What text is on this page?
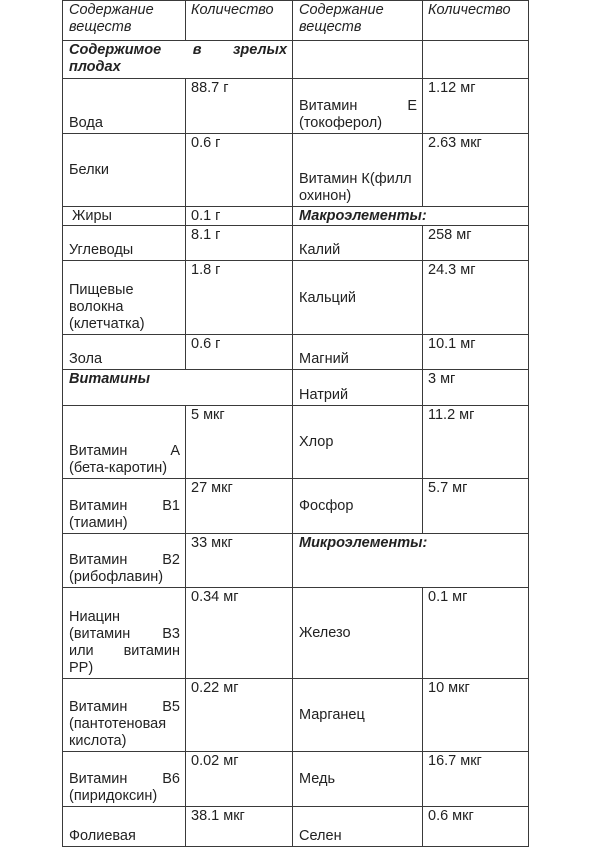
Содержание веществ	Количество	Содержание веществ	Количество
Содержимое в зрелых плодах			
Вода	88.7 г	Витамин Е (токоферол)	1.12 мг
Белки	0.6 г	Витамин К(филлохинон)	2.63 мкг
Жиры	0.1 г	Макроэлементы:	
Углеводы	8.1 г	Калий	258 мг
Пищевые волокна (клетчатка)	1.8 г	Кальций	24.3 мг
Зола	0.6 г	Магний	10.1 мг
Витамины		Натрий	3 мг
Витамин А (бета-каротин)	5 мкг	Хлор	11.2 мг
Витамин В1 (тиамин)	27 мкг	Фосфор	5.7 мг
Витамин В2 (рибофлавин)	33 мкг	Микроэлементы:	
Ниацин (витамин В3 или витамин РР)	0.34 мг	Железо	0.1 мг
Витамин В5 (пантотеновая кислота)	0.22 мг	Марганец	10 мкг
Витамин В6 (пиридоксин)	0.02 мг	Медь	16.7 мкг
Фолиевая	38.1 мкг	Селен	0.6 мкг
